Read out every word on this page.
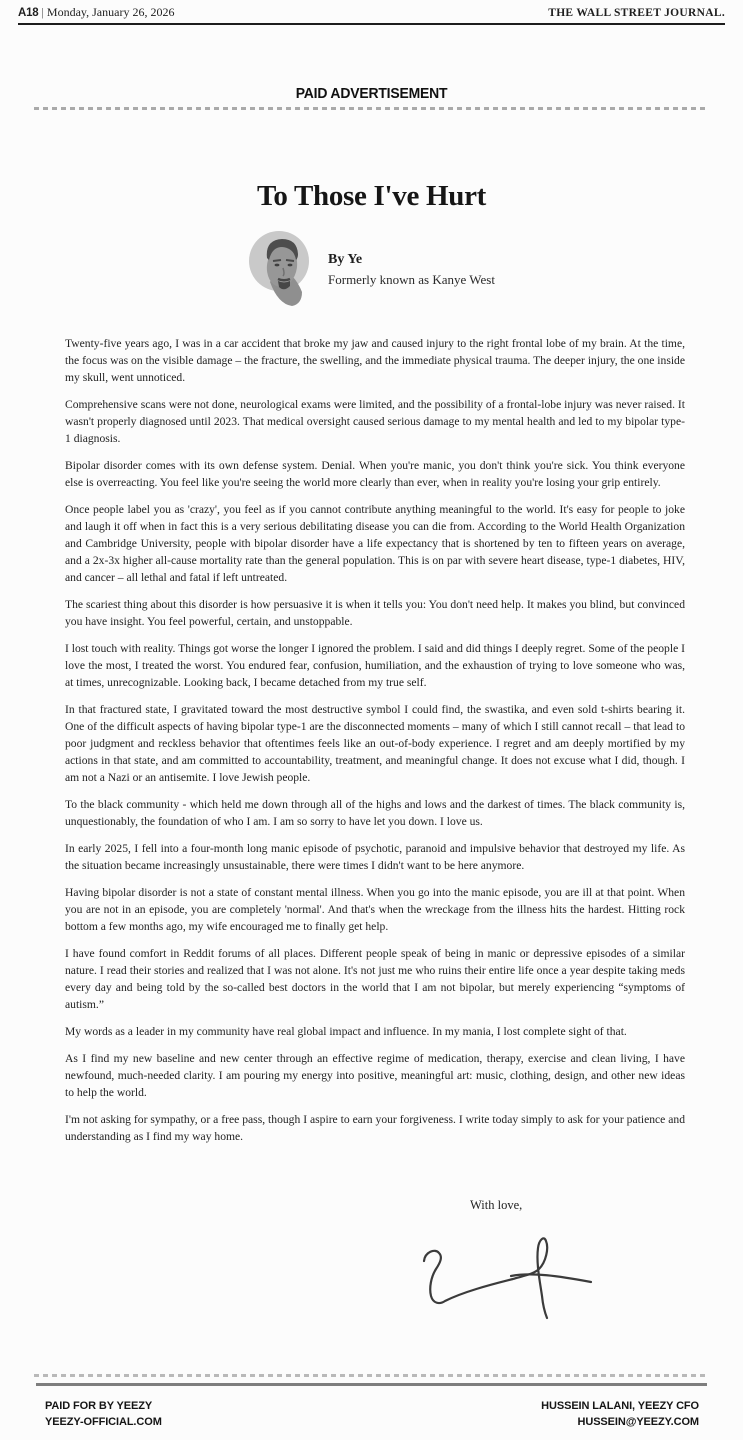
A18 | Monday, January 26, 2026	THE WALL STREET JOURNAL.
PAID ADVERTISEMENT
To Those I've Hurt
By Ye
Formerly known as Kanye West

Twenty-five years ago, I was in a car accident that broke my jaw and caused injury to the right frontal lobe of my brain. At the time, the focus was on the visible damage – the fracture, the swelling, and the immediate physical trauma. The deeper injury, the one inside my skull, went unnoticed.

Comprehensive scans were not done, neurological exams were limited, and the possibility of a frontal-lobe injury was never raised. It wasn't properly diagnosed until 2023. That medical oversight caused serious damage to my mental health and led to my bipolar type-1 diagnosis.

Bipolar disorder comes with its own defense system. Denial. When you're manic, you don't think you're sick. You think everyone else is overreacting. You feel like you're seeing the world more clearly than ever, when in reality you're losing your grip entirely.

Once people label you as 'crazy', you feel as if you cannot contribute anything meaningful to the world. It's easy for people to joke and laugh it off when in fact this is a very serious debilitating disease you can die from. According to the World Health Organization and Cambridge University, people with bipolar disorder have a life expectancy that is shortened by ten to fifteen years on average, and a 2x-3x higher all-cause mortality rate than the general population. This is on par with severe heart disease, type-1 diabetes, HIV, and cancer – all lethal and fatal if left untreated.

The scariest thing about this disorder is how persuasive it is when it tells you: You don't need help. It makes you blind, but convinced you have insight. You feel powerful, certain, and unstoppable.

I lost touch with reality. Things got worse the longer I ignored the problem. I said and did things I deeply regret. Some of the people I love the most, I treated the worst. You endured fear, confusion, humiliation, and the exhaustion of trying to love someone who was, at times, unrecognizable. Looking back, I became detached from my true self.

In that fractured state, I gravitated toward the most destructive symbol I could find, the swastika, and even sold t-shirts bearing it. One of the difficult aspects of having bipolar type-1 are the disconnected moments – many of which I still cannot recall – that lead to poor judgment and reckless behavior that oftentimes feels like an out-of-body experience. I regret and am deeply mortified by my actions in that state, and am committed to accountability, treatment, and meaningful change. It does not excuse what I did, though. I am not a Nazi or an antisemite. I love Jewish people.

To the black community - which held me down through all of the highs and lows and the darkest of times. The black community is, unquestionably, the foundation of who I am. I am so sorry to have let you down. I love us.

In early 2025, I fell into a four-month long manic episode of psychotic, paranoid and impulsive behavior that destroyed my life. As the situation became increasingly unsustainable, there were times I didn't want to be here anymore.

Having bipolar disorder is not a state of constant mental illness. When you go into the manic episode, you are ill at that point. When you are not in an episode, you are completely 'normal'. And that's when the wreckage from the illness hits the hardest. Hitting rock bottom a few months ago, my wife encouraged me to finally get help.

I have found comfort in Reddit forums of all places. Different people speak of being in manic or depressive episodes of a similar nature. I read their stories and realized that I was not alone. It's not just me who ruins their entire life once a year despite taking meds every day and being told by the so-called best doctors in the world that I am not bipolar, but merely experiencing “symptoms of autism.”

My words as a leader in my community have real global impact and influence. In my mania, I lost complete sight of that.

As I find my new baseline and new center through an effective regime of medication, therapy, exercise and clean living, I have newfound, much-needed clarity. I am pouring my energy into positive, meaningful art: music, clothing, design, and other new ideas to help the world.

I'm not asking for sympathy, or a free pass, though I aspire to earn your forgiveness. I write today simply to ask for your patience and understanding as I find my way home.

With love,
PAID FOR BY YEEZY
YEEZY-OFFICIAL.COM
HUSSEIN LALANI, YEEZY CFO
HUSSEIN@YEEZY.COM
